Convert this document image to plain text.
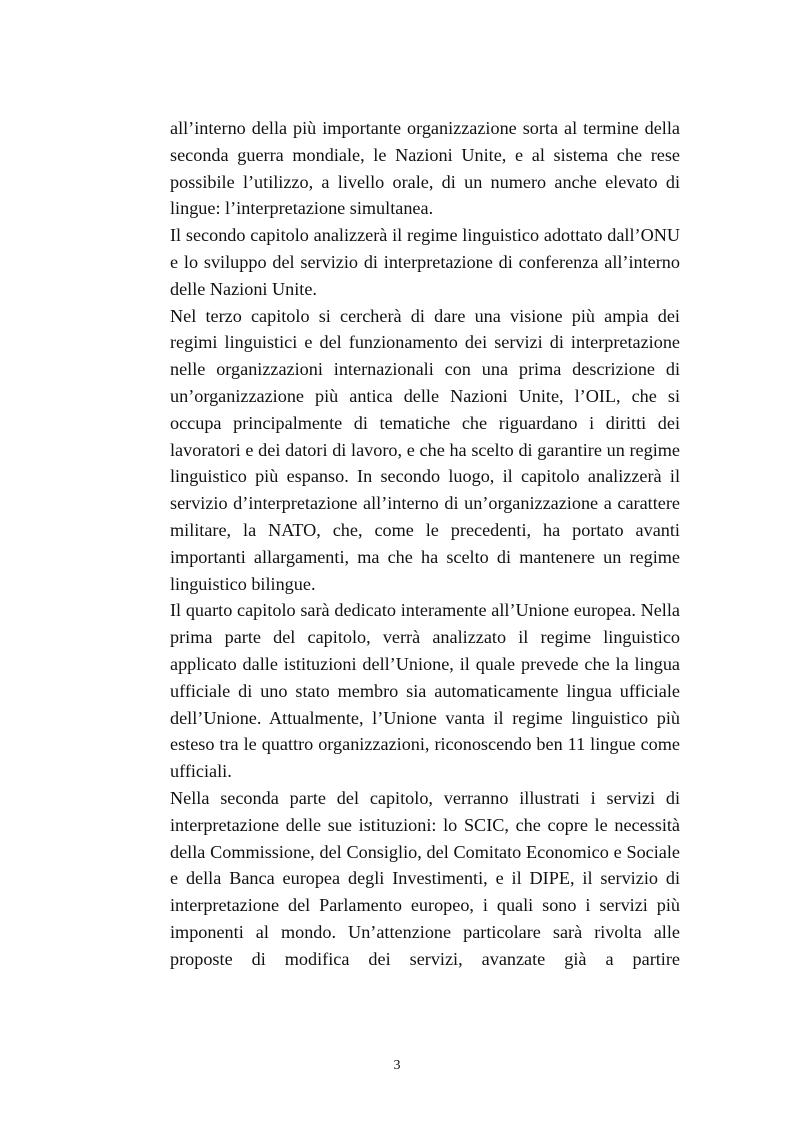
all’interno della più importante organizzazione sorta al termine della seconda guerra mondiale, le Nazioni Unite, e al sistema che rese possibile l’utilizzo, a livello orale, di un numero anche elevato di lingue: l’interpretazione simultanea.

Il secondo capitolo analizzerà il regime linguistico adottato dall’ONU e lo sviluppo del servizio di interpretazione di conferenza all’interno delle Nazioni Unite.

Nel terzo capitolo si cercherà di dare una visione più ampia dei regimi linguistici e del funzionamento dei servizi di interpretazione nelle organizzazioni internazionali con una prima descrizione di un’organizzazione più antica delle Nazioni Unite, l’OIL, che si occupa principalmente di tematiche che riguardano i diritti dei lavoratori e dei datori di lavoro, e che ha scelto di garantire un regime linguistico più espanso. In secondo luogo, il capitolo analizzerà il servizio d’interpretazione all’interno di un’organizzazione a carattere militare, la NATO, che, come le precedenti, ha portato avanti importanti allargamenti, ma che ha scelto di mantenere un regime linguistico bilingue.

Il quarto capitolo sarà dedicato interamente all’Unione europea. Nella prima parte del capitolo, verrà analizzato il regime linguistico applicato dalle istituzioni dell’Unione, il quale prevede che la lingua ufficiale di uno stato membro sia automaticamente lingua ufficiale dell’Unione. Attualmente, l’Unione vanta il regime linguistico più esteso tra le quattro organizzazioni, riconoscendo ben 11 lingue come ufficiali.

Nella seconda parte del capitolo, verranno illustrati i servizi di interpretazione delle sue istituzioni: lo SCIC, che copre le necessità della Commissione, del Consiglio, del Comitato Economico e Sociale e della Banca europea degli Investimenti, e il DIPE, il servizio di interpretazione del Parlamento europeo, i quali sono i servizi più imponenti al mondo. Un’attenzione particolare sarà rivolta alle proposte di modifica dei servizi, avanzate già a partire

3
